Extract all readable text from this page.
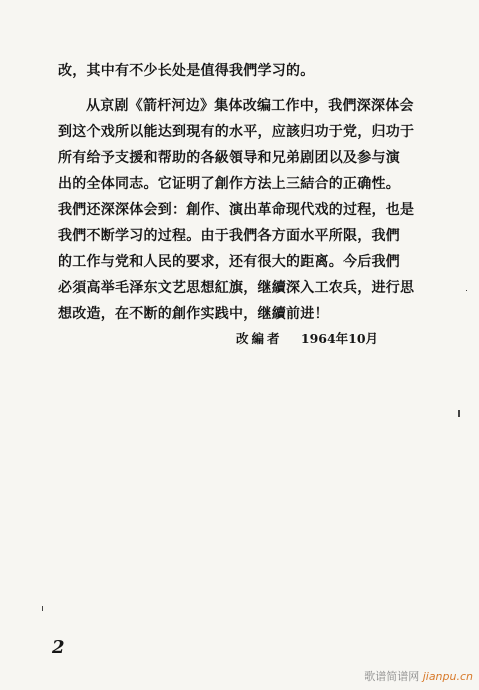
改，其中有不少长处是值得我們学习的。
从京剧《箭杆河边》集体改编工作中，我們深深体会
到这个戏所以能达到現有的水平，应該归功于党，归功于
所有给予支援和帮助的各級領导和兄弟剧团以及参与演
出的全体同志。它证明了創作方法上三結合的正确性。
我們还深深体会到：創作、演出革命现代戏的过程，也是
我們不断学习的过程。由于我們各方面水平所限，我們
的工作与党和人民的要求，还有很大的距离。今后我們
必須高举毛泽东文艺思想紅旗，继續深入工农兵，进行思
想改造，在不断的創作实践中，继續前进！
改編者 1964年10月
2
歌谱简谱网 jianpu.cn
